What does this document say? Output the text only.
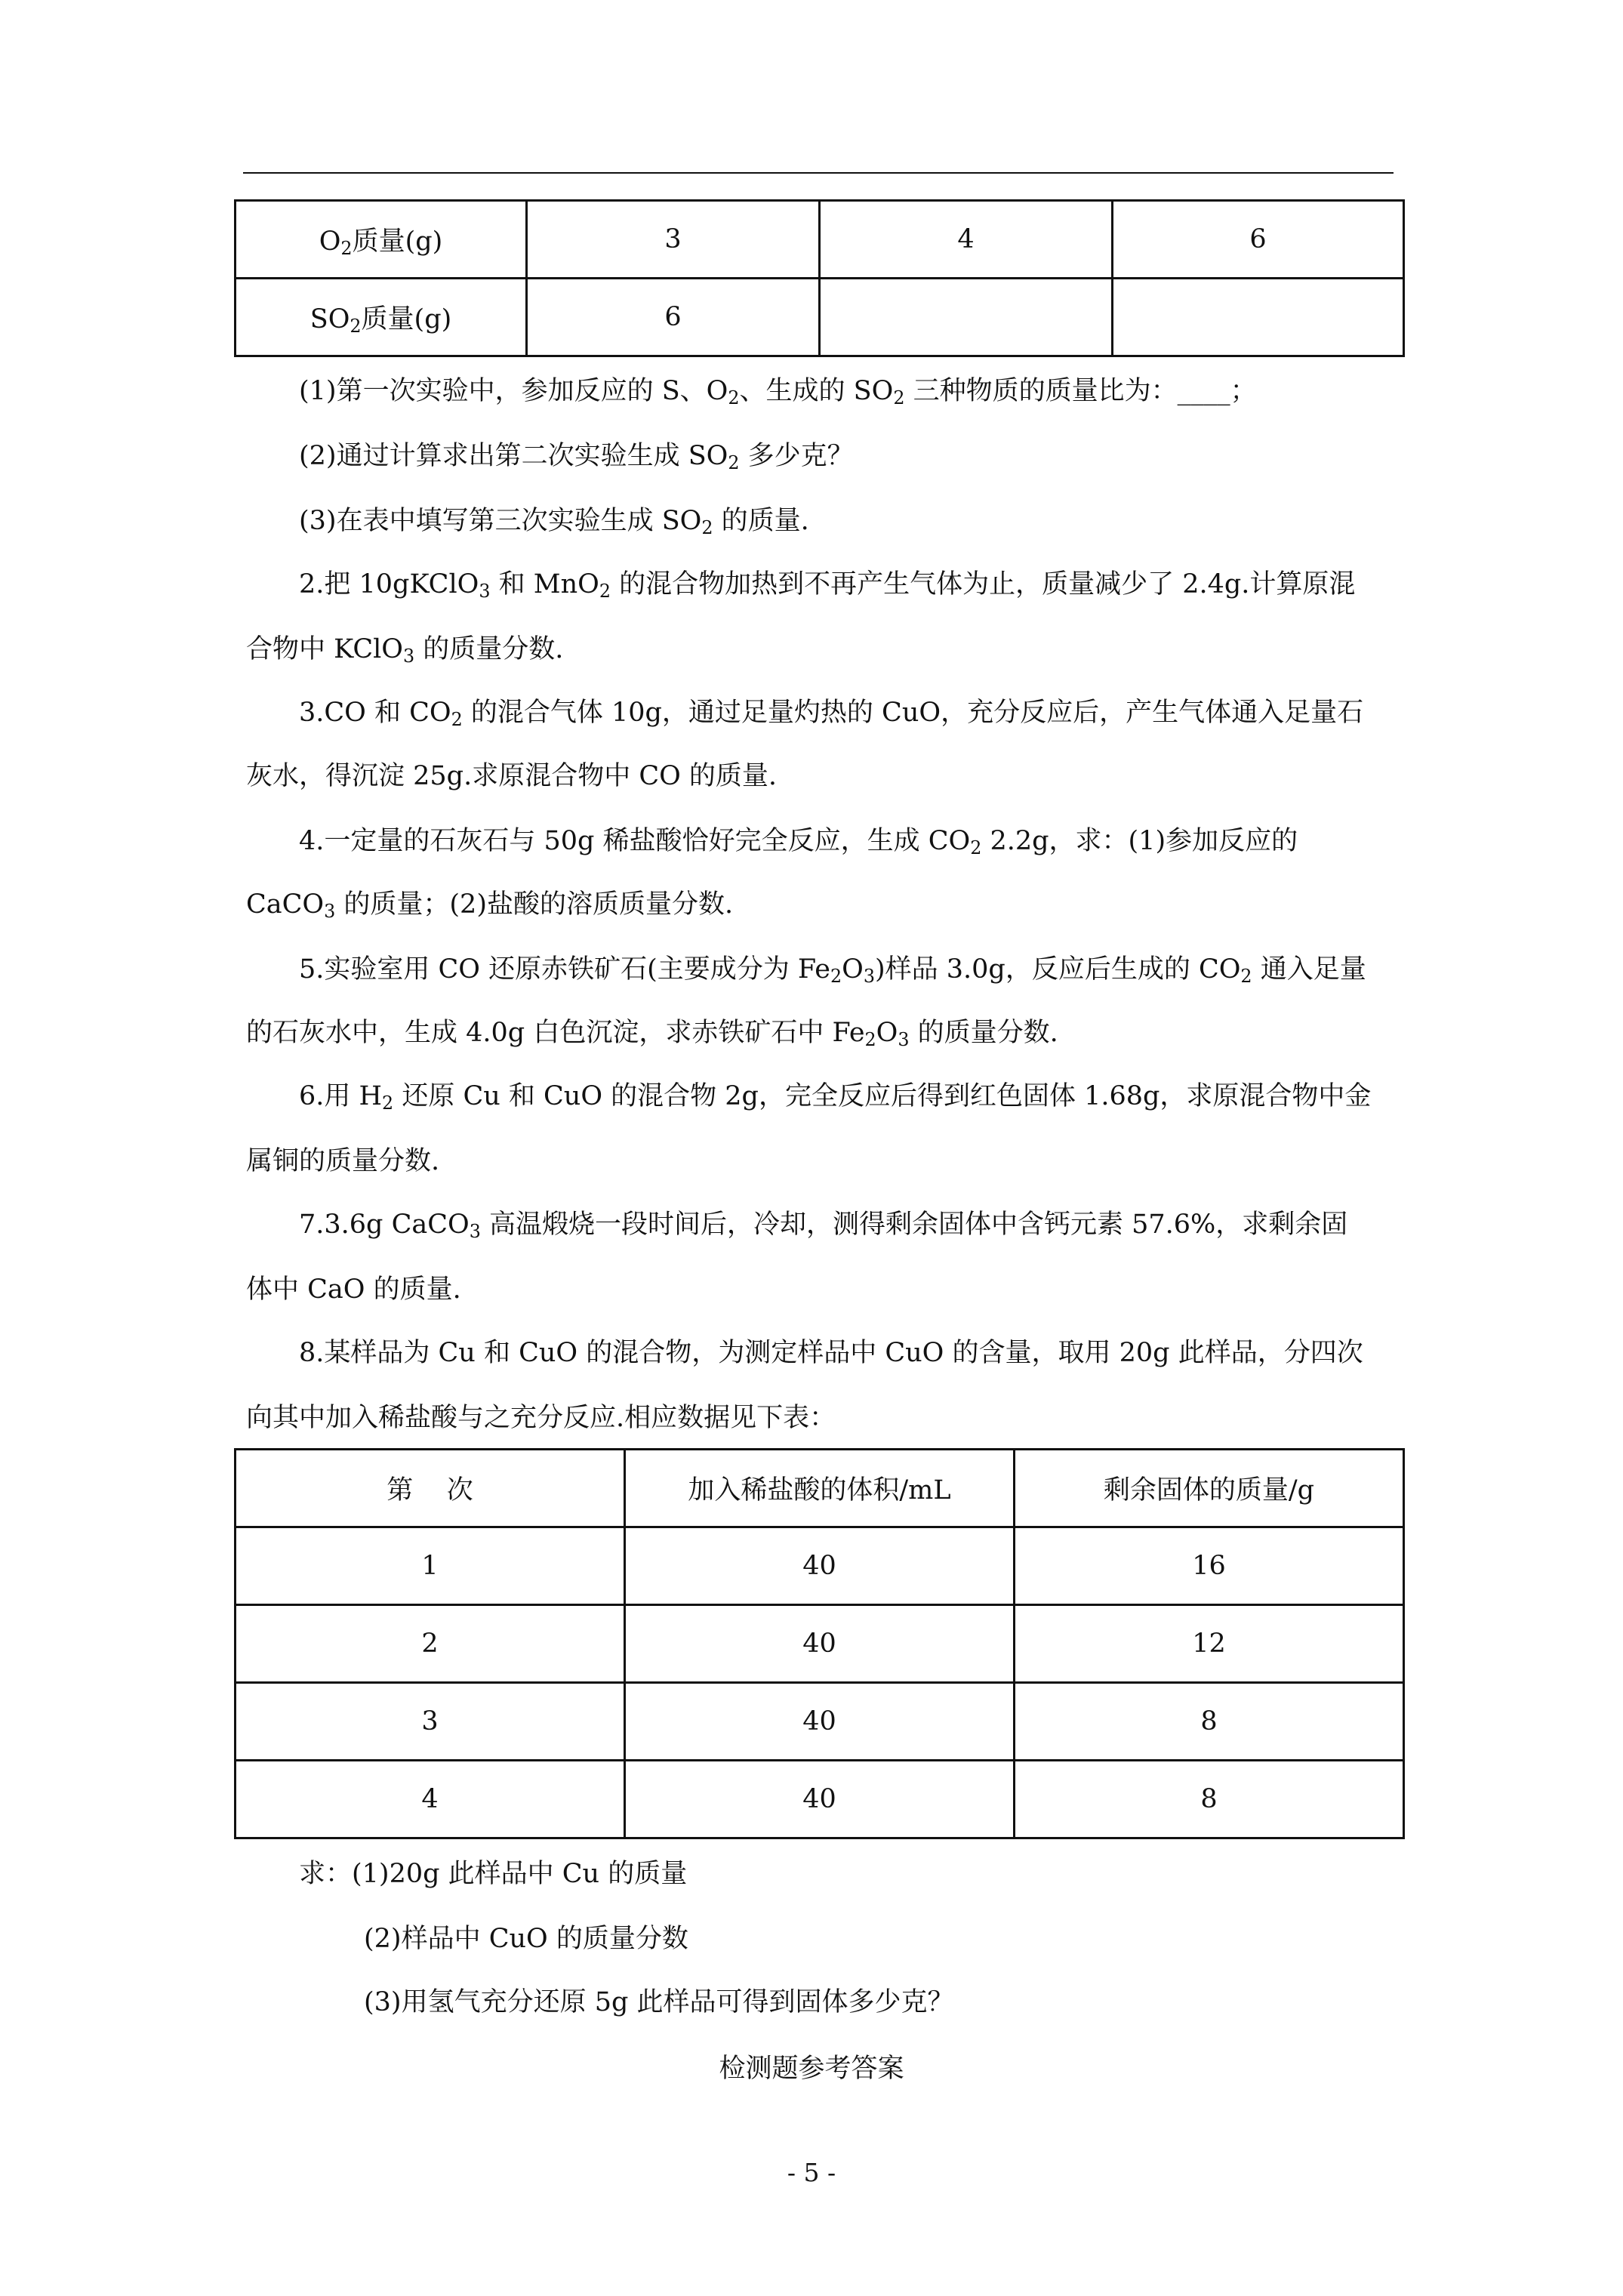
$O_2$质量(g)	3	4	6
$SO_2$质量(g)	6		
(1)第一次实验中，参加反应的 S、$O_2$、生成的 $SO_2$ 三种物质的质量比为：____；
(2)通过计算求出第二次实验生成 $SO_2$ 多少克？
(3)在表中填写第三次实验生成 $SO_2$ 的质量.
2.把 10gKClO$_3$ 和 MnO$_2$ 的混合物加热到不再产生气体为止，质量减少了 2.4g.计算原混
合物中 KClO$_3$ 的质量分数.
3.CO 和 $CO_2$ 的混合气体 10g，通过足量灼热的 CuO，充分反应后，产生气体通入足量石
灰水，得沉淀 25g.求原混合物中 CO 的质量.
4.一定量的石灰石与 50g 稀盐酸恰好完全反应，生成 $CO_2$ 2.2g，求：(1)参加反应的
CaCO$_3$ 的质量；(2)盐酸的溶质质量分数.
5.实验室用 CO 还原赤铁矿石(主要成分为 $Fe_2O_3$)样品 3.0g，反应后生成的 $CO_2$ 通入足量
的石灰水中，生成 4.0g 白色沉淀，求赤铁矿石中 $Fe_2O_3$ 的质量分数.
6.用 $H_2$ 还原 Cu 和 CuO 的混合物 2g，完全反应后得到红色固体 1.68g，求原混合物中金
属铜的质量分数.
7.3.6g CaCO$_3$ 高温煅烧一段时间后，冷却，测得剩余固体中含钙元素 57.6%，求剩余固
体中 CaO 的质量.
8.某样品为 Cu 和 CuO 的混合物，为测定样品中 CuO 的含量，取用 20g 此样品，分四次
向其中加入稀盐酸与之充分反应.相应数据见下表：
第    次	加入稀盐酸的体积/mL	剩余固体的质量/g
1	40	16
2	40	12
3	40	8
4	40	8
求：(1)20g 此样品中 Cu 的质量
(2)样品中 CuO 的质量分数
(3)用氢气充分还原 5g 此样品可得到固体多少克？
检测题参考答案
- 5 -
